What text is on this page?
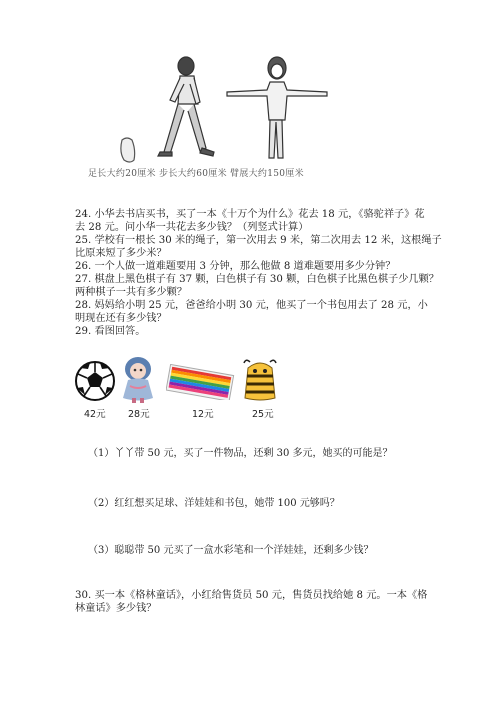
足长大约20厘米 步长大约60厘米 臂展大约150厘米
24. 小华去书店买书，买了一本《十万个为什么》花去 18 元，《骆驼祥子》花
去 28 元。问小华一共花去多少钱？（列竖式计算）
25. 学校有一根长 30 米的绳子，第一次用去 9 米，第二次用去 12 米，这根绳子
比原来短了多少米？
26. 一个人做一道难题要用 3 分钟，那么他做 8 道难题要用多少分钟？
27. 棋盘上黑色棋子有 37 颗，白色棋子有 30 颗，白色棋子比黑色棋子少几颗？
两种棋子一共有多少颗？
28. 妈妈给小明 25 元，爸爸给小明 30 元，他买了一个书包用去了 28 元，小
明现在还有多少钱？
29. 看图回答。
42元 28元	12元	25元
（1）丫丫带 50 元，买了一件物品，还剩 30 多元，她买的可能是？
（2）红红想买足球、洋娃娃和书包，她带 100 元够吗？
（3）聪聪带 50 元买了一盒水彩笔和一个洋娃娃，还剩多少钱？
30. 买一本《格林童话》，小红给售货员 50 元，售货员找给她 8 元。一本《格
林童话》多少钱？
